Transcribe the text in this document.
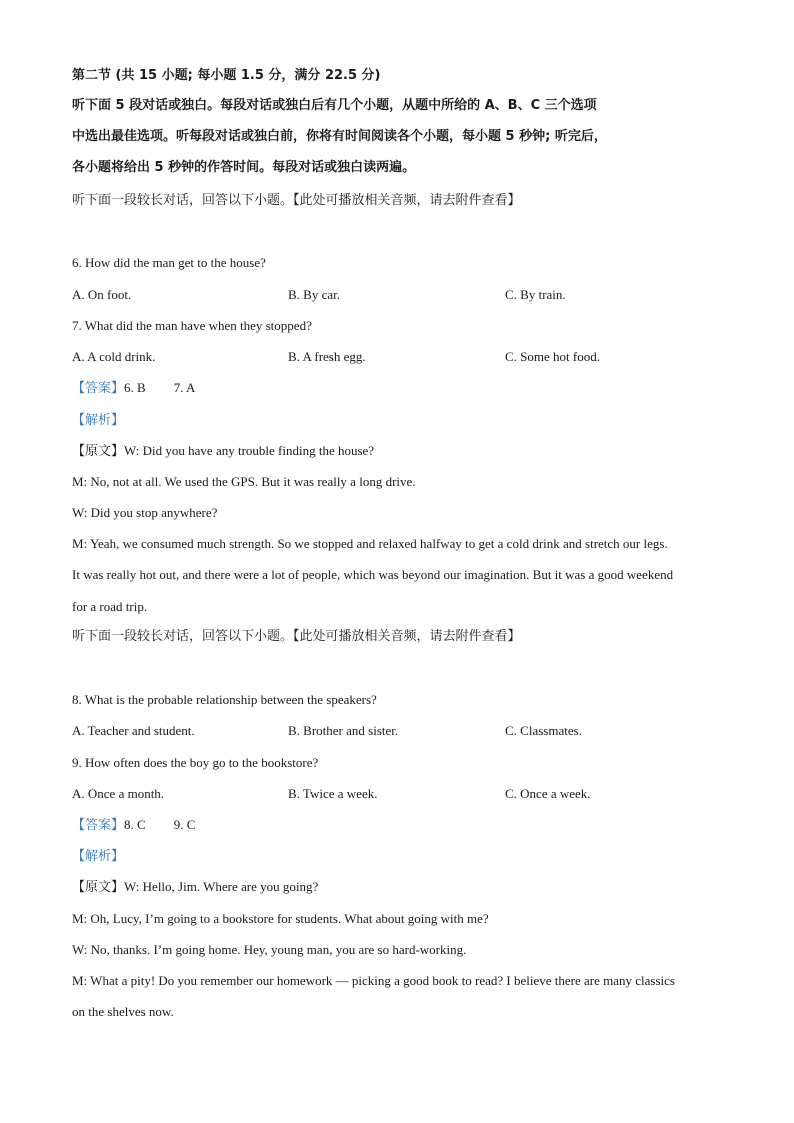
第二节 (共 15 小题; 每小题 1.5 分，满分 22.5 分)
听下面 5 段对话或独白。每段对话或独白后有几个小题，从题中所给的 A、B、C 三个选项
中选出最佳选项。听每段对话或独白前，你将有时间阅读各个小题，每小题 5 秒钟; 听完后，
各小题将给出 5 秒钟的作答时间。每段对话或独白读两遍。
听下面一段较长对话，回答以下小题。【此处可播放相关音频，请去附件查看】
6. How did the man get to the house?
A. On foot.	B. By car.	C. By train.
7. What did the man have when they stopped?
A. A cold drink.	B. A fresh egg.	C. Some hot food.
【答案】6. B 7. A
【解析】
【原文】W: Did you have any trouble finding the house?
M: No, not at all. We used the GPS. But it was really a long drive.
W: Did you stop anywhere?
M: Yeah, we consumed much strength. So we stopped and relaxed halfway to get a cold drink and stretch our legs.
It was really hot out, and there were a lot of people, which was beyond our imagination. But it was a good weekend
for a road trip.
听下面一段较长对话，回答以下小题。【此处可播放相关音频，请去附件查看】
8. What is the probable relationship between the speakers?
A. Teacher and student.	B. Brother and sister.	C. Classmates.
9. How often does the boy go to the bookstore?
A. Once a month.	B. Twice a week.	C. Once a week.
【答案】8. C 9. C
【解析】
【原文】W: Hello, Jim. Where are you going?
M: Oh, Lucy, I’m going to a bookstore for students. What about going with me?
W: No, thanks. I’m going home. Hey, young man, you are so hard-working.
M: What a pity! Do you remember our homework — picking a good book to read? I believe there are many classics
on the shelves now.
